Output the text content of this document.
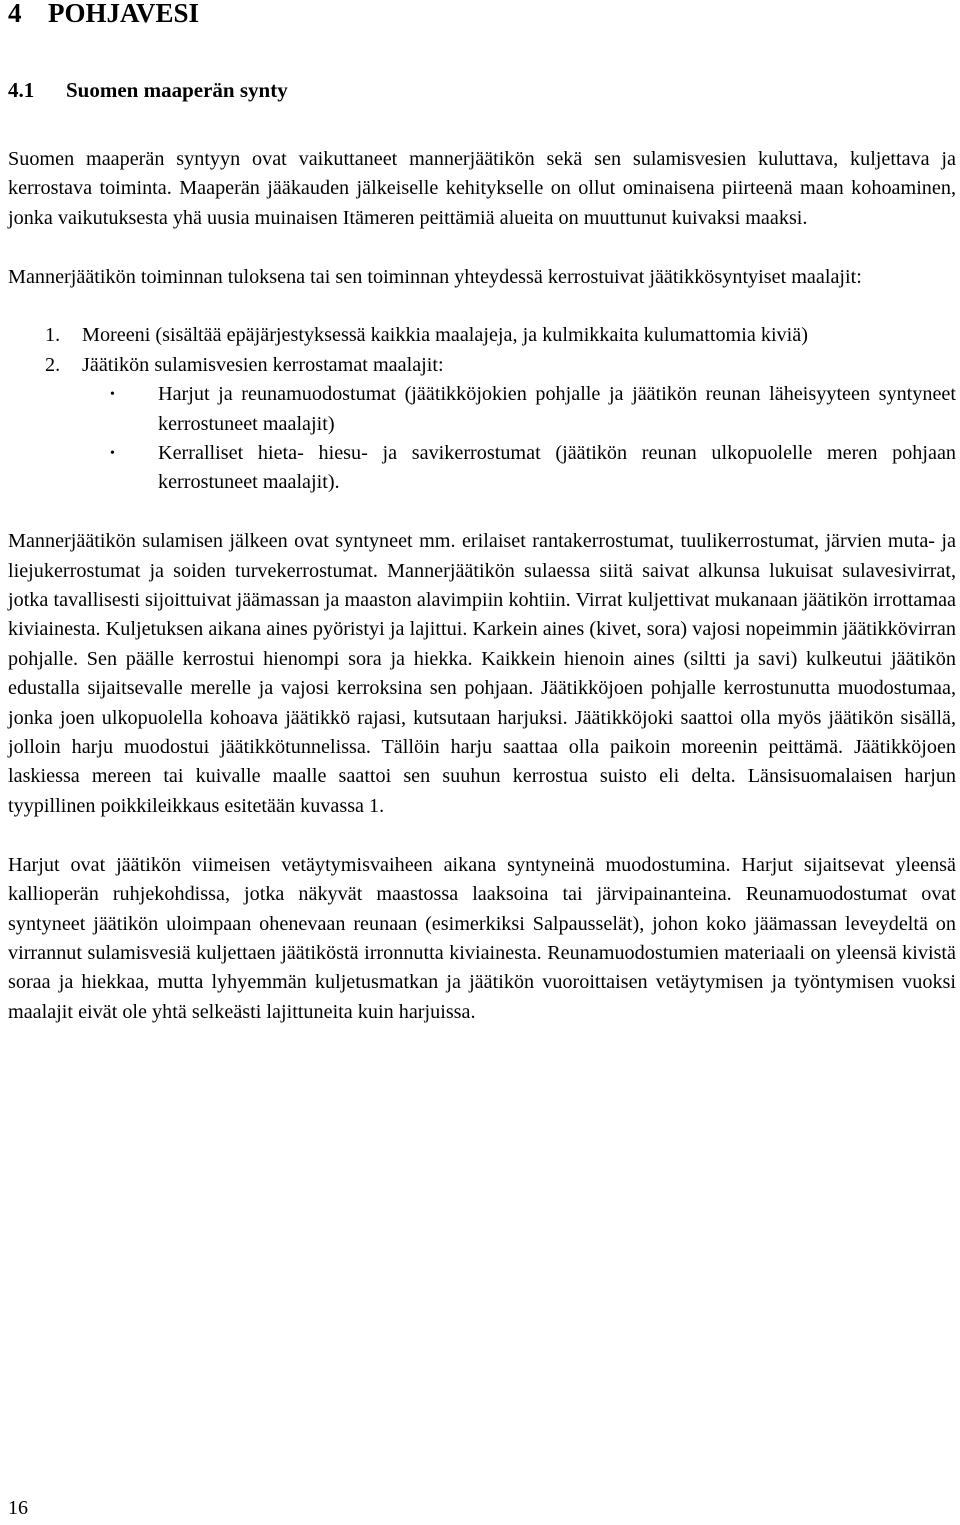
4 POHJAVESI
4.1 Suomen maaperän synty

Suomen maaperän syntyyn ovat vaikuttaneet mannerjäätikön sekä sen sulamisvesien kuluttava, kuljettava ja kerrostava toiminta. Maaperän jääkauden jälkeiselle kehitykselle on ollut ominaisena piirteenä maan kohoaminen, jonka vaikutuksesta yhä uusia muinaisen Itämeren peittämiä alueita on muuttunut kuivaksi maaksi.

Mannerjäätikön toiminnan tuloksena tai sen toiminnan yhteydessä kerrostuivat jäätikkösyntyiset maalajit:

1. Moreeni (sisältää epäjärjestyksessä kaikkia maalajeja, ja kulmikkaita kulumattomia kiviä)
2. Jäätikön sulamisvesien kerrostamat maalajit:
• Harjut ja reunamuodostumat (jäätikköjokien pohjalle ja jäätikön reunan läheisyyteen syntyneet kerrostuneet maalajit)
• Kerralliset hieta- hiesu- ja savikerrostumat (jäätikön reunan ulkopuolelle meren pohjaan kerrostuneet maalajit).

Mannerjäätikön sulamisen jälkeen ovat syntyneet mm. erilaiset rantakerrostumat, tuulikerrostumat, järvien muta- ja liejukerrostumat ja soiden turvekerrostumat. Mannerjäätikön sulaessa siitä saivat alkunsa lukuisat sulavesivirrat, jotka tavallisesti sijoittuivat jäämassan ja maaston alavimpiin kohtiin. Virrat kuljettivat mukanaan jäätikön irrottamaa kiviainesta. Kuljetuksen aikana aines pyöristyi ja lajittui. Karkein aines (kivet, sora) vajosi nopeimmin jäätikkövirran pohjalle. Sen päälle kerrostui hienompi sora ja hiekka. Kaikkein hienoin aines (siltti ja savi) kulkeutui jäätikön edustalla sijaitsevalle merelle ja vajosi kerroksina sen pohjaan. Jäätikköjoen pohjalle kerrostunutta muodostumaa, jonka joen ulkopuolella kohoava jäätikkö rajasi, kutsutaan harjuksi. Jäätikköjoki saattoi olla myös jäätikön sisällä, jolloin harju muodostui jäätikkötunnelissa. Tällöin harju saattaa olla paikoin moreenin peittämä. Jäätikköjoen laskiessa mereen tai kuivalle maalle saattoi sen suuhun kerrostua suisto eli delta. Länsisuomalaisen harjun tyypillinen poikkileikkaus esitetään kuvassa 1.

Harjut ovat jäätikön viimeisen vetäytymisvaiheen aikana syntyneinä muodostumina. Harjut sijaitsevat yleensä kallioperän ruhjekohdissa, jotka näkyvät maastossa laaksoina tai järvipainanteina. Reunamuodostumat ovat syntyneet jäätikön uloimpaan ohenevaan reunaan (esimerkiksi Salpausselät), johon koko jäämassan leveydeltä on virrannut sulamisvesiä kuljettaen jäätiköstä irronnutta kiviainesta. Reunamuodostumien materiaali on yleensä kivistä soraa ja hiekkaa, mutta lyhyemmän kuljetusmatkan ja jäätikön vuoroittaisen vetäytymisen ja työntymisen vuoksi maalajit eivät ole yhtä selkeästi lajittuneita kuin harjuissa.

16
